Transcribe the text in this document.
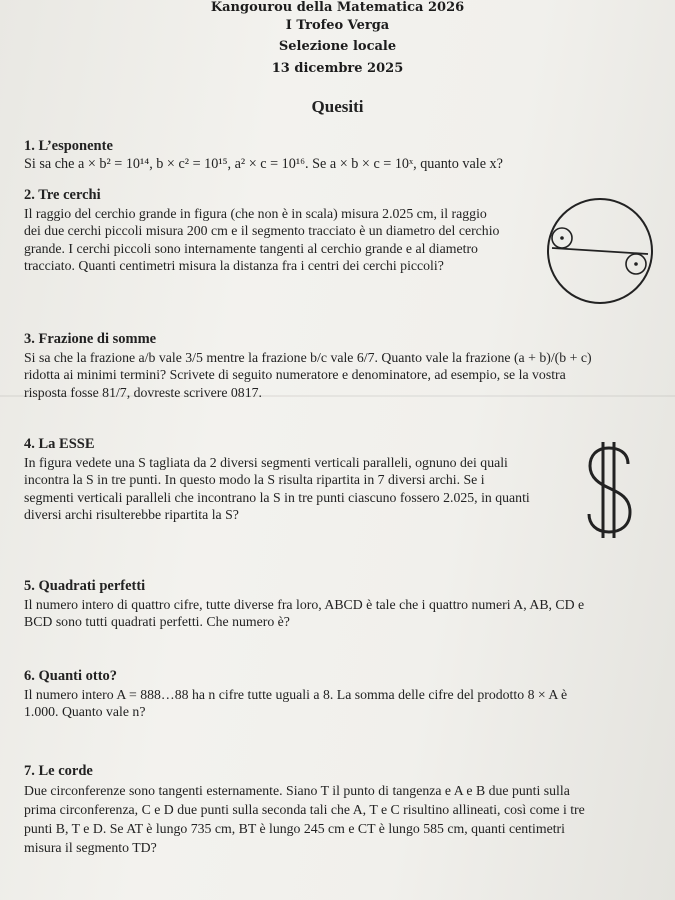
Kangourou della Matematica 2026
I Trofeo Verga
Selezione locale
13 dicembre 2025
Quesiti
1. L’esponente
Si sa che a × b² = 10¹⁴, b × c² = 10¹⁵, a² × c = 10¹⁶. Se a × b × c = 10ˣ, quanto vale x?
2. Tre cerchi
Il raggio del cerchio grande in figura (che non è in scala) misura 2.025 cm, il raggio
dei due cerchi piccoli misura 200 cm e il segmento tracciato è un diametro del cerchio
grande. I cerchi piccoli sono internamente tangenti al cerchio grande e al diametro
tracciato. Quanti centimetri misura la distanza fra i centri dei cerchi piccoli?
3. Frazione di somme
Si sa che la frazione a/b vale 3/5 mentre la frazione b/c vale 6/7. Quanto vale la frazione (a + b)/(b + c)
ridotta ai minimi termini? Scrivete di seguito numeratore e denominatore, ad esempio, se la vostra
risposta fosse 81/7, dovreste scrivere 0817.
4. La ESSE
In figura vedete una S tagliata da 2 diversi segmenti verticali paralleli, ognuno dei quali
incontra la S in tre punti. In questo modo la S risulta ripartita in 7 diversi archi. Se i
segmenti verticali paralleli che incontrano la S in tre punti ciascuno fossero 2.025, in quanti
diversi archi risulterebbe ripartita la S?
5. Quadrati perfetti
Il numero intero di quattro cifre, tutte diverse fra loro, ABCD è tale che i quattro numeri A, AB, CD e
BCD sono tutti quadrati perfetti. Che numero è?
6. Quanti otto?
Il numero intero A = 888…88 ha n cifre tutte uguali a 8. La somma delle cifre del prodotto 8 × A è
1.000. Quanto vale n?
7. Le corde
Due circonferenze sono tangenti esternamente. Siano T il punto di tangenza e A e B due punti sulla
prima circonferenza, C e D due punti sulla seconda tali che A, T e C risultino allineati, così come i tre
punti B, T e D. Se AT è lungo 735 cm, BT è lungo 245 cm e CT è lungo 585 cm, quanti centimetri
misura il segmento TD?
